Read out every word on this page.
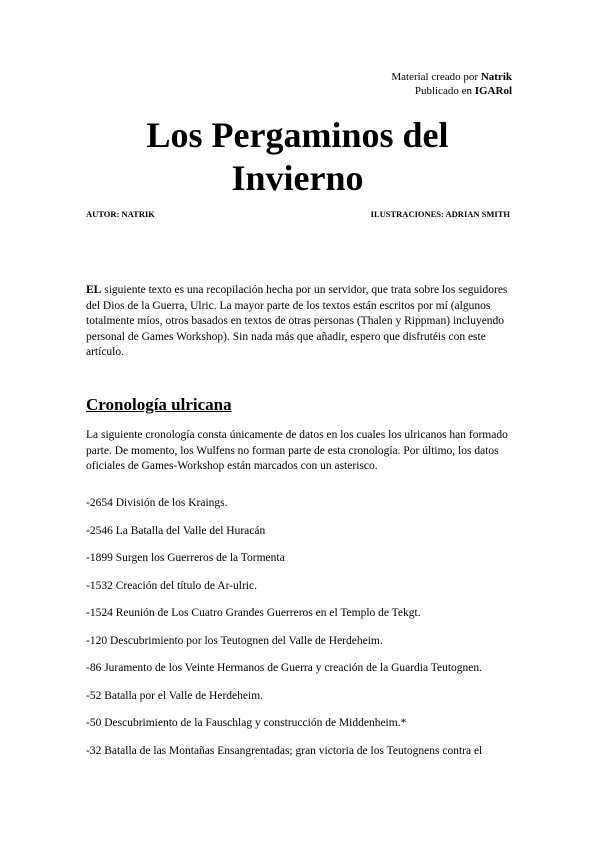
Material creado por Natrik
Publicado en IGARol
Los Pergaminos del
Invierno
AUTOR: NATRIK	ILUSTRACIONES: ADRIAN SMITH

EL siguiente texto es una recopilación hecha por un servidor, que trata sobre los seguidores del Dios de la Guerra, Ulric. La mayor parte de los textos están escritos por mí (algunos totalmente míos, otros basados en textos de otras personas (Thalen y Rippman) incluyendo personal de Games Workshop). Sin nada más que añadir, espero que disfrutéis con este artículo.

Cronología ulricana

La siguiente cronología consta únicamente de datos en los cuales los ulricanos han formado parte. De momento, los Wulfens no forman parte de esta cronología. Por último, los datos oficiales de Games-Workshop están marcados con un asterisco.

-2654 División de los Kraings.
-2546 La Batalla del Valle del Huracán
-1899 Surgen los Guerreros de la Tormenta
-1532 Creación del título de Ar-ulric.
-1524 Reunión de Los Cuatro Grandes Guerreros en el Templo de Tekgt.
-120 Descubrimiento por los Teutognen del Valle de Herdeheim.
-86 Juramento de los Veinte Hermanos de Guerra y creación de la Guardia Teutognen.
-52 Batalla por el Valle de Herdeheim.
-50 Descubrimiento de la Fauschlag y construcción de Middenheim.*
-32 Batalla de las Montañas Ensangrentadas; gran victoria de los Teutognens contra el
